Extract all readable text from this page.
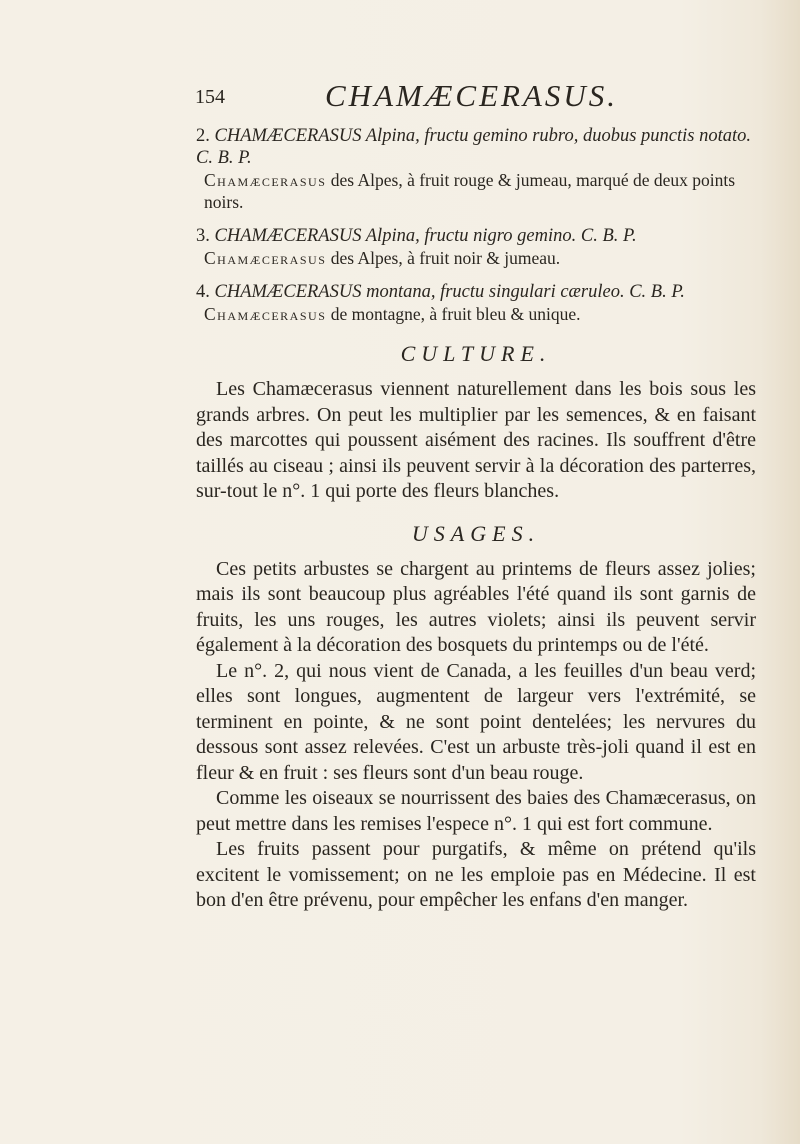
154	CHAMÆCERASUS.
2. CHAMÆCERASUS Alpina, fructu gemino rubro, duobus punctis notato. C. B. P.
Chamæcerasus des Alpes, à fruit rouge & jumeau, marqué de deux points noirs.
3. CHAMÆCERASUS Alpina, fructu nigro gemino. C. B. P.
Chamæcerasus des Alpes, à fruit noir & jumeau.
4. CHAMÆCERASUS montana, fructu singulari cæruleo. C. B. P.
Chamæcerasus de montagne, à fruit bleu & unique.
CULTURE.

Les Chamæcerasus viennent naturellement dans les bois sous les grands arbres. On peut les multiplier par les semences, & en faisant des marcottes qui poussent aisément des racines. Ils souffrent d'être taillés au ciseau ; ainsi ils peuvent servir à la décoration des parterres, sur-tout le n°. 1 qui porte des fleurs blanches.

USAGES.

Ces petits arbustes se chargent au printems de fleurs assez jolies; mais ils sont beaucoup plus agréables l'été quand ils sont garnis de fruits, les uns rouges, les autres violets; ainsi ils peuvent servir également à la décoration des bosquets du printemps ou de l'été.

Le n°. 2, qui nous vient de Canada, a les feuilles d'un beau verd; elles sont longues, augmentent de largeur vers l'extrémité, se terminent en pointe, & ne sont point dentelées; les nervures du dessous sont assez relevées. C'est un arbuste très-joli quand il est en fleur & en fruit : ses fleurs sont d'un beau rouge.

Comme les oiseaux se nourrissent des baies des Chamæcerasus, on peut mettre dans les remises l'espece n°. 1 qui est fort commune.

Les fruits passent pour purgatifs, & même on prétend qu'ils excitent le vomissement; on ne les emploie pas en Médecine. Il est bon d'en être prévenu, pour empêcher les enfans d'en manger.
